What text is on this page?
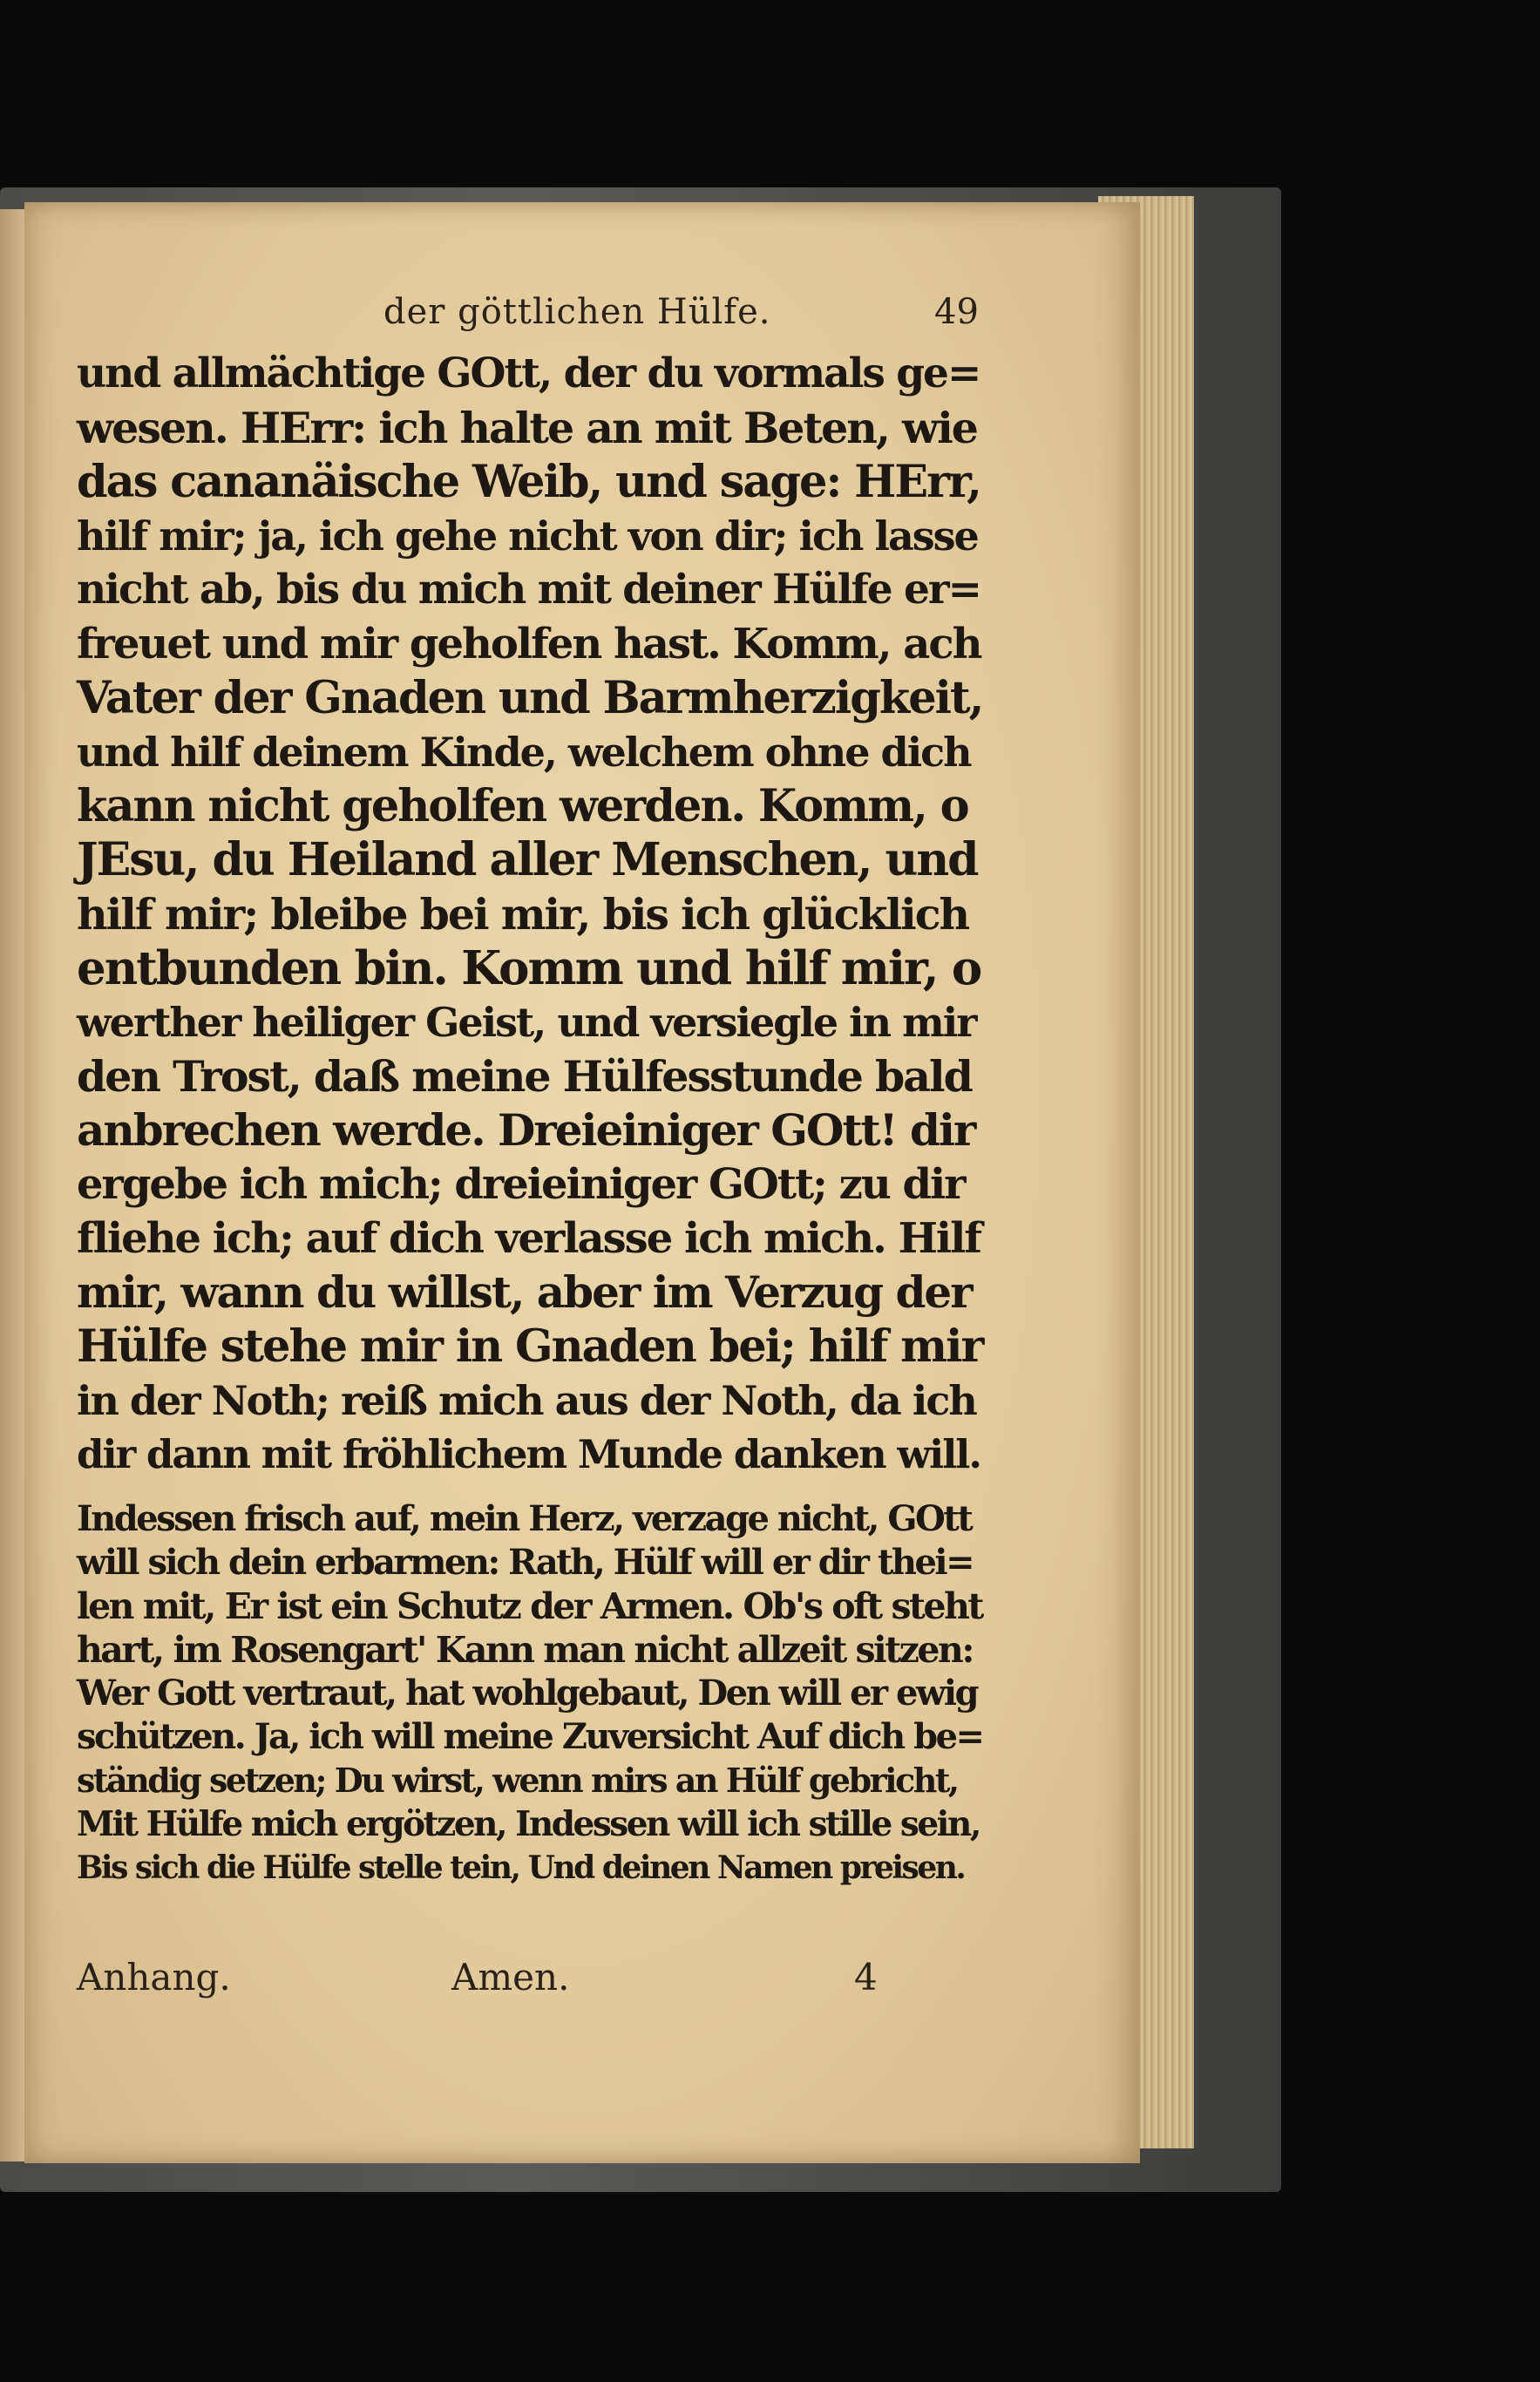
der göttlichen Hülfe.	49
und allmächtige GOtt, der du vormals ge=
wesen. HErr: ich halte an mit Beten, wie
das cananäische Weib, und sage: HErr,
hilf mir; ja, ich gehe nicht von dir; ich lasse
nicht ab, bis du mich mit deiner Hülfe er=
freuet und mir geholfen hast. Komm, ach
Vater der Gnaden und Barmherzigkeit,
und hilf deinem Kinde, welchem ohne dich
kann nicht geholfen werden. Komm, o
JEsu, du Heiland aller Menschen, und
hilf mir; bleibe bei mir, bis ich glücklich
entbunden bin. Komm und hilf mir, o
werther heiliger Geist, und versiegle in mir
den Trost, daß meine Hülfesstunde bald
anbrechen werde. Dreieiniger GOtt! dir
ergebe ich mich; dreieiniger GOtt; zu dir
fliehe ich; auf dich verlasse ich mich. Hilf
mir, wann du willst, aber im Verzug der
Hülfe stehe mir in Gnaden bei; hilf mir
in der Noth; reiß mich aus der Noth, da ich
dir dann mit fröhlichem Munde danken will.
Indessen frisch auf, mein Herz, verzage nicht, GOtt
will sich dein erbarmen: Rath, Hülf will er dir thei=
len mit, Er ist ein Schutz der Armen. Ob's oft steht
hart, im Rosengart' Kann man nicht allzeit sitzen:
Wer Gott vertraut, hat wohlgebaut, Den will er ewig
schützen. Ja, ich will meine Zuversicht Auf dich be=
ständig setzen; Du wirst, wenn mirs an Hülf gebricht,
Mit Hülfe mich ergötzen, Indessen will ich stille sein,
Bis sich die Hülfe stelle tein, Und deinen Namen preisen.
Anhang.	Amen.	4
